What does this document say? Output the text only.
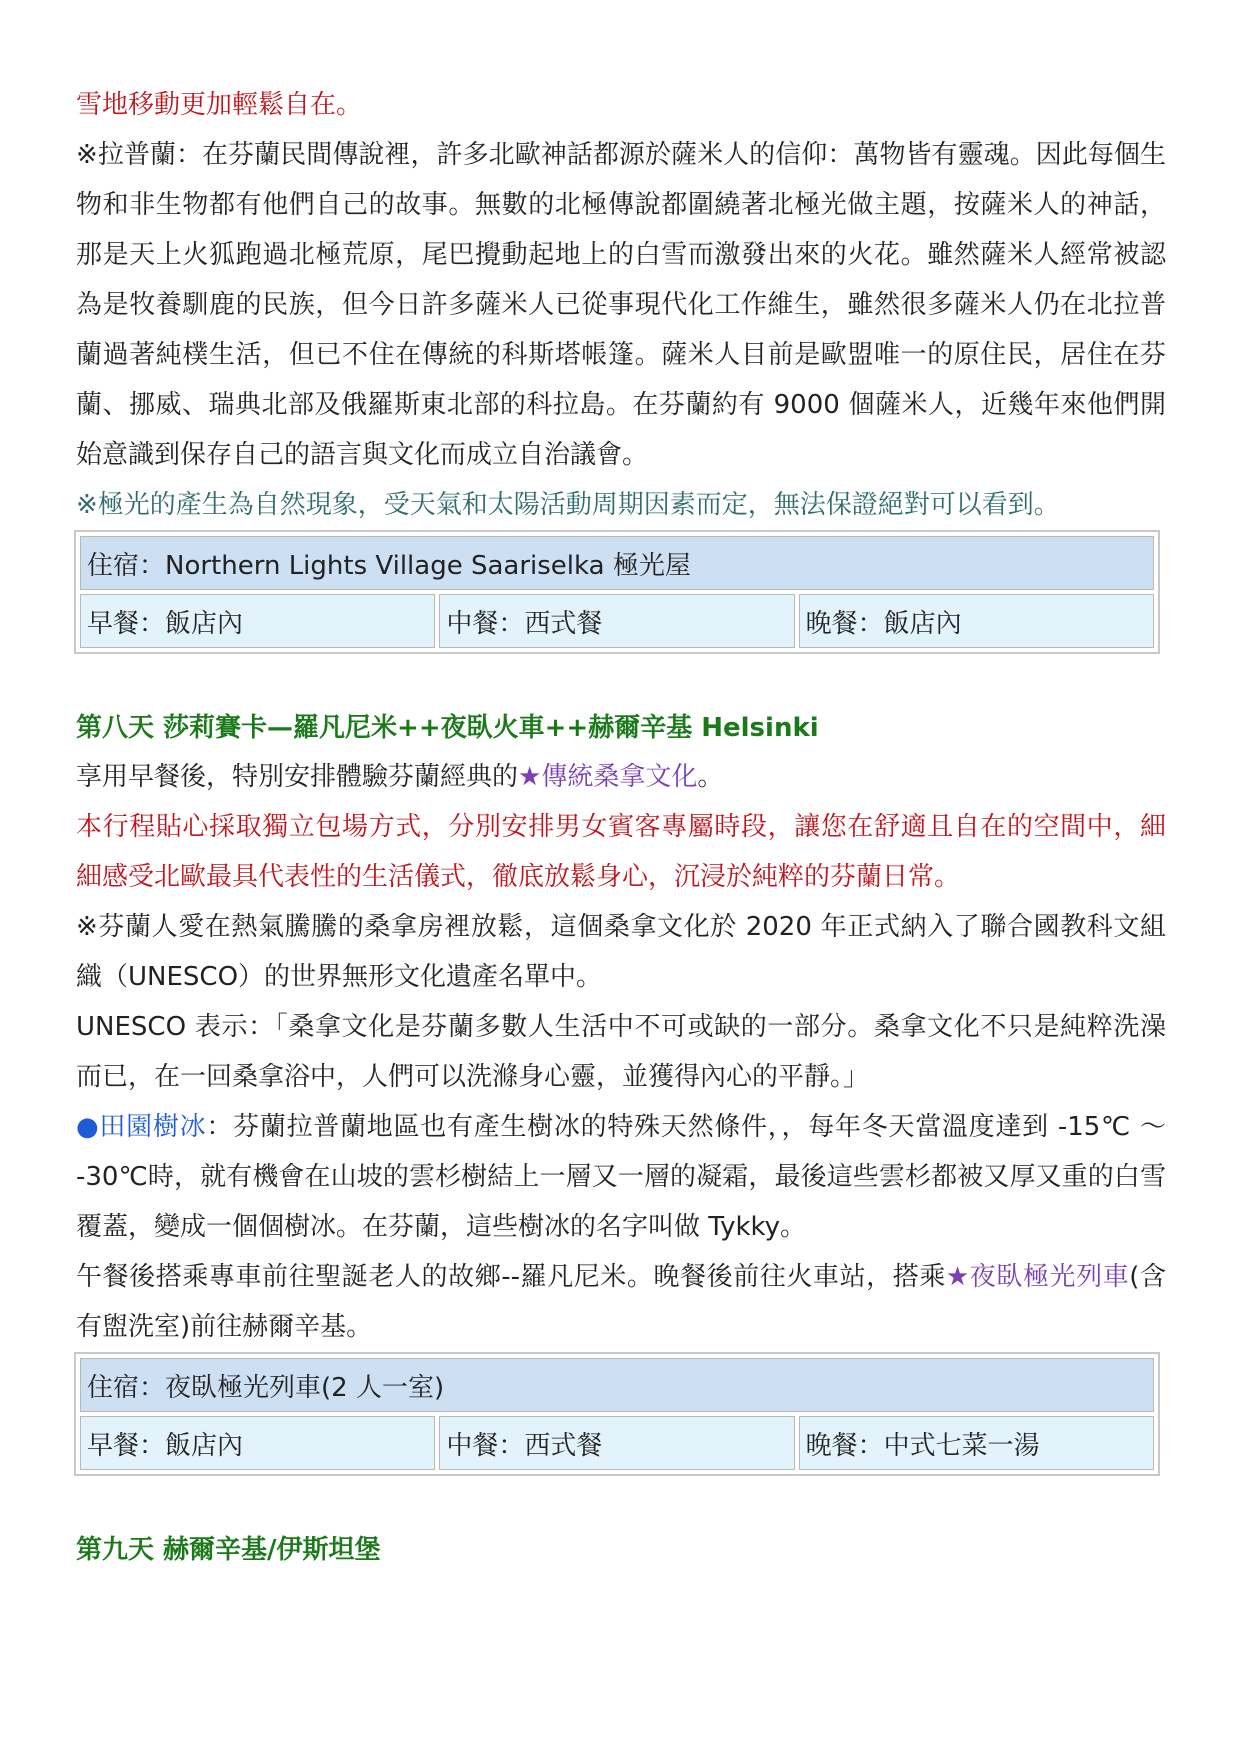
雪地移動更加輕鬆自在。

※拉普蘭：在芬蘭民間傳說裡，許多北歐神話都源於薩米人的信仰：萬物皆有靈魂。因此每個生物和非生物都有他們自己的故事。無數的北極傳說都圍繞著北極光做主題，按薩米人的神話，那是天上火狐跑過北極荒原，尾巴攪動起地上的白雪而激發出來的火花。雖然薩米人經常被認為是牧養馴鹿的民族，但今日許多薩米人已從事現代化工作維生，雖然很多薩米人仍在北拉普蘭過著純樸生活，但已不住在傳統的科斯塔帳篷。薩米人目前是歐盟唯一的原住民，居住在芬蘭、挪威、瑞典北部及俄羅斯東北部的科拉島。在芬蘭約有 9000 個薩米人，近幾年來他們開始意識到保存自己的語言與文化而成立自治議會。

※極光的產生為自然現象，受天氣和太陽活動周期因素而定，無法保證絕對可以看到。

住宿：Northern Lights Village Saariselka 極光屋
早餐：飯店內	中餐：西式餐	晚餐：飯店內
第八天 莎莉賽卡—羅凡尼米++夜臥火車++赫爾辛基 Helsinki

享用早餐後，特別安排體驗芬蘭經典的★傳統桑拿文化。

本行程貼心採取獨立包場方式，分別安排男女賓客專屬時段，讓您在舒適且自在的空間中，細細感受北歐最具代表性的生活儀式，徹底放鬆身心，沉浸於純粹的芬蘭日常。

※芬蘭人愛在熱氣騰騰的桑拿房裡放鬆，這個桑拿文化於 2020 年正式納入了聯合國教科文組織（UNESCO）的世界無形文化遺產名單中。

UNESCO 表示：「桑拿文化是芬蘭多數人生活中不可或缺的一部分。桑拿文化不只是純粹洗澡而已，在一回桑拿浴中，人們可以洗滌身心靈，並獲得內心的平靜。」

●田園樹冰：芬蘭拉普蘭地區也有產生樹冰的特殊天然條件，，每年冬天當溫度達到 -15℃ ～ -30℃時，就有機會在山坡的雲杉樹結上一層又一層的凝霜，最後這些雲杉都被又厚又重的白雪覆蓋，變成一個個樹冰。在芬蘭，這些樹冰的名字叫做 Tykky。

午餐後搭乘專車前往聖誕老人的故鄉--羅凡尼米。晚餐後前往火車站，搭乘★夜臥極光列車(含有盥洗室)前往赫爾辛基。

住宿：夜臥極光列車(2 人一室)
早餐：飯店內	中餐：西式餐	晚餐：中式七菜一湯
第九天 赫爾辛基/伊斯坦堡
